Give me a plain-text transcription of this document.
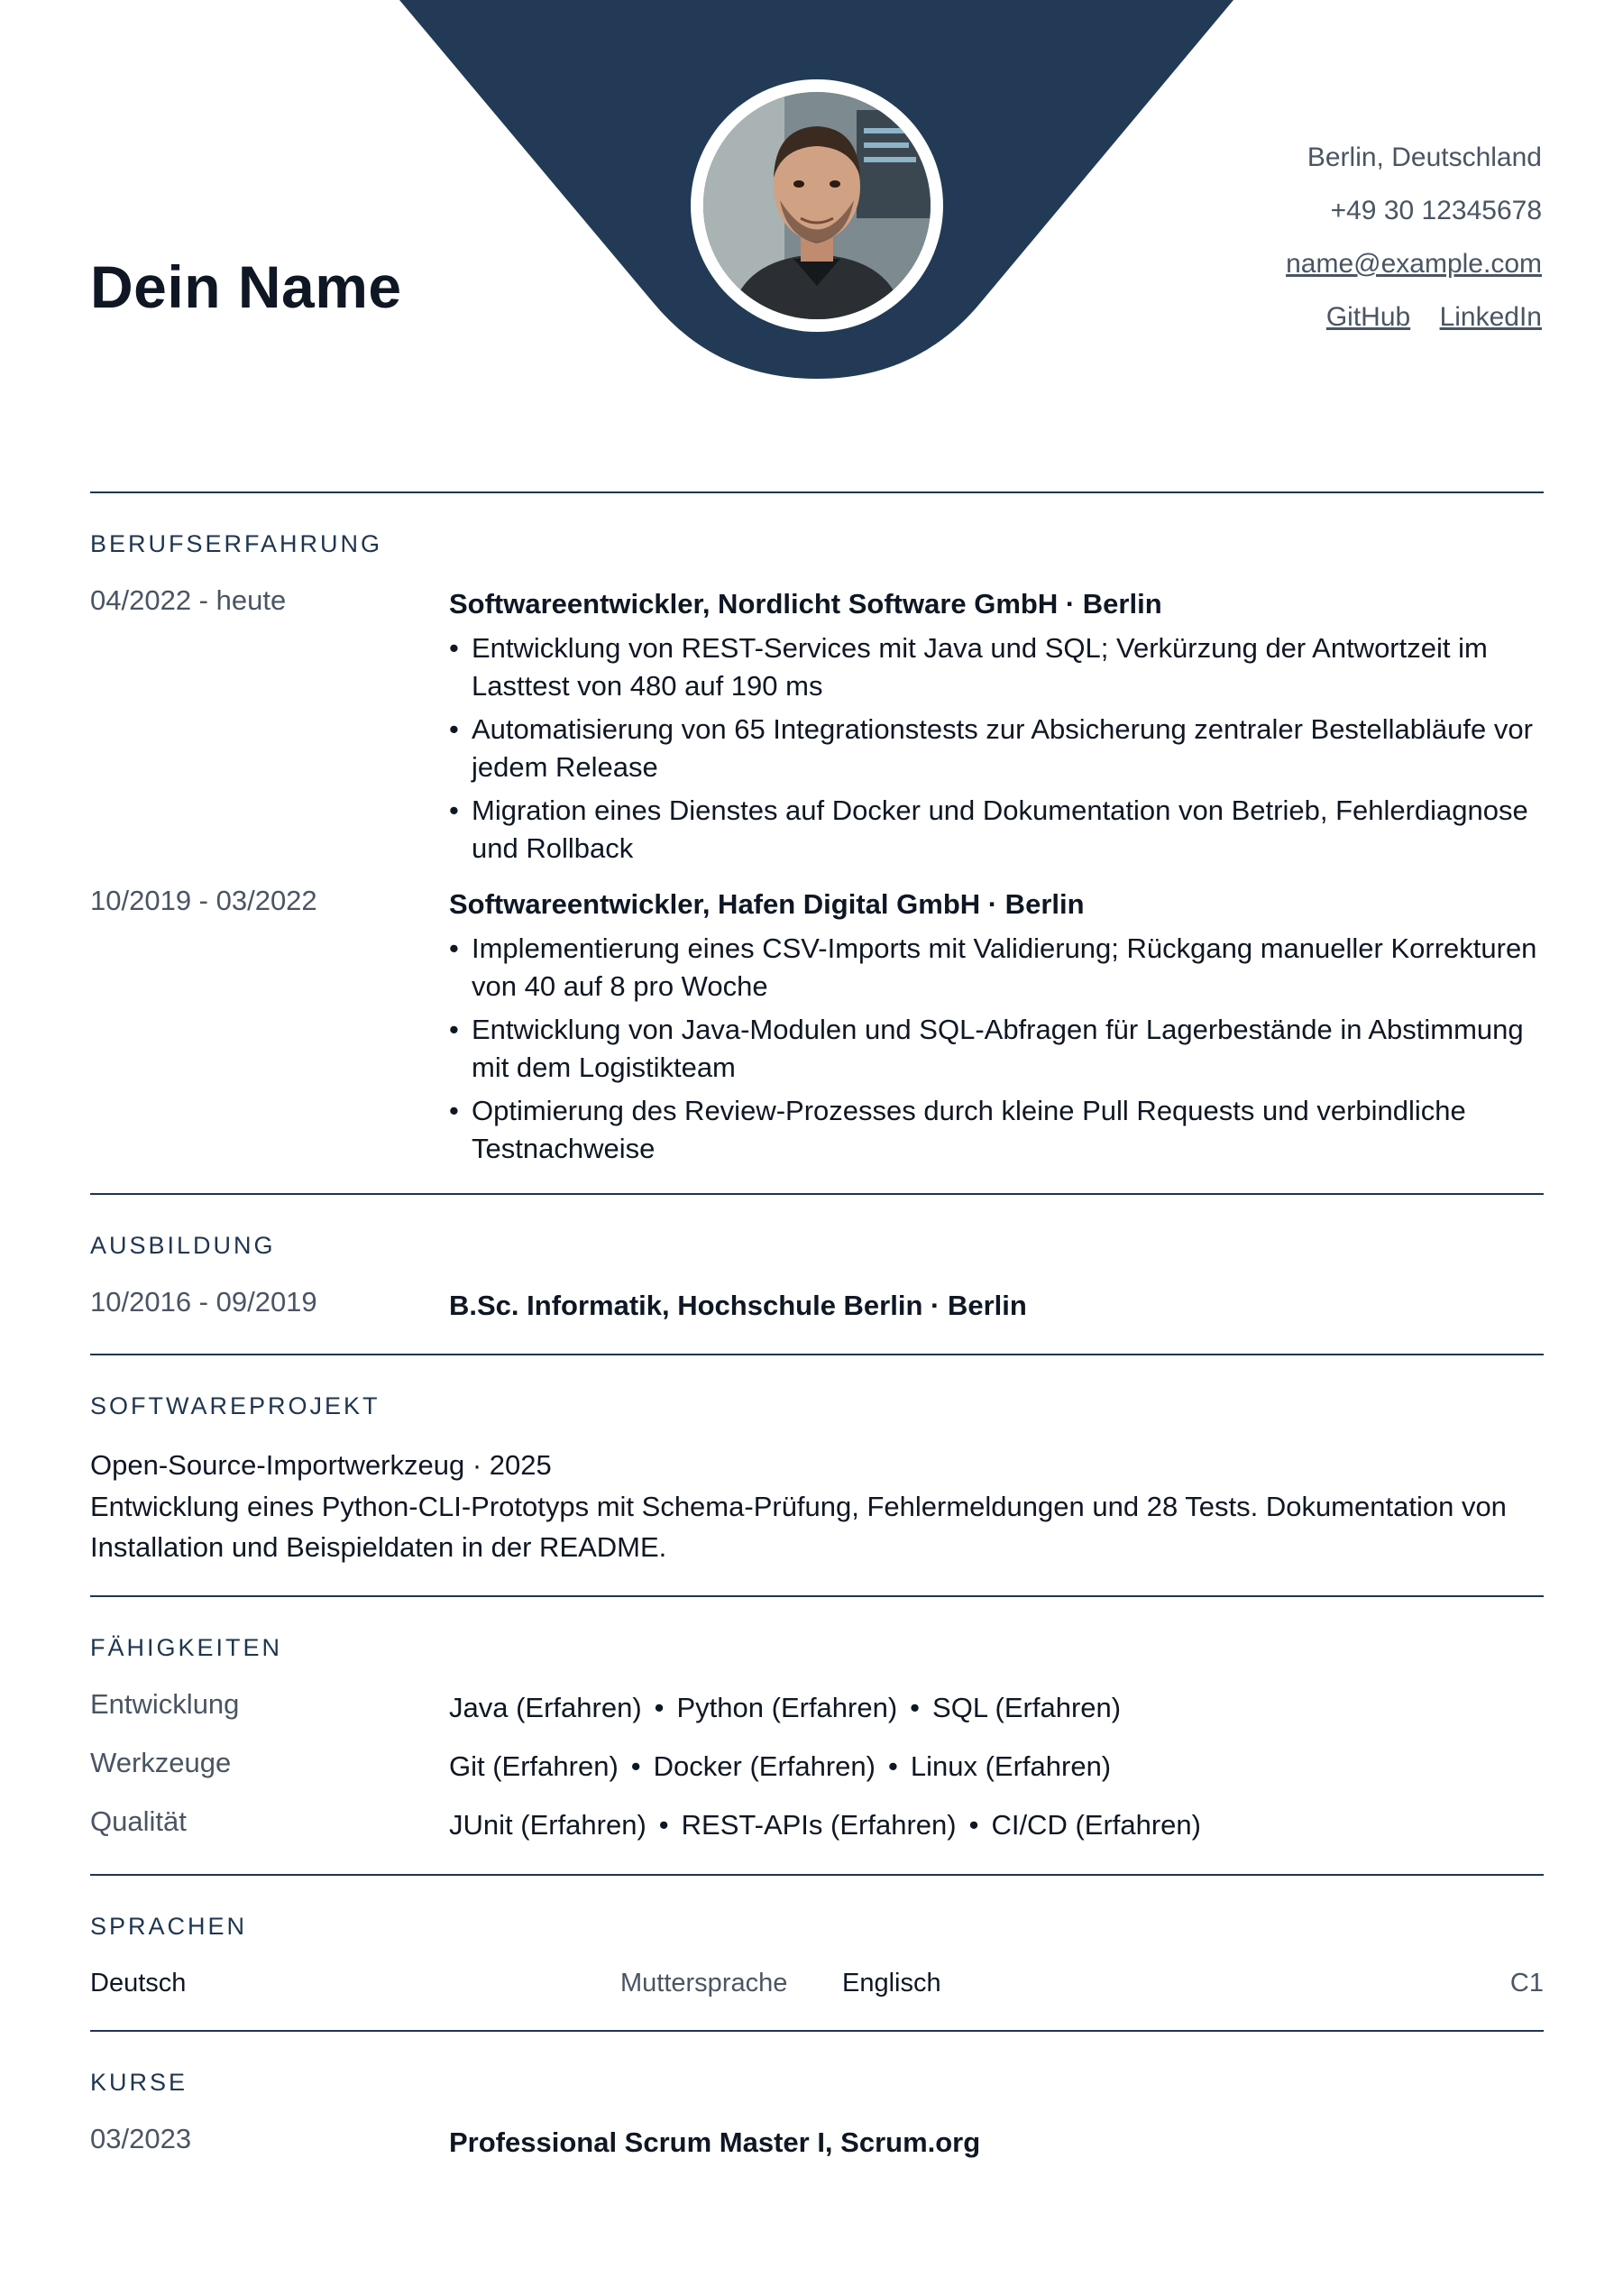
Dein Name
Berlin, Deutschland
+49 30 12345678
name@example.com
GitHub LinkedIn
BERUFSERFAHRUNG
04/2022 - heute	Softwareentwickler, Nordlicht Software GmbH · Berlin
• Entwicklung von REST-Services mit Java und SQL; Verkürzung der Antwortzeit im Lasttest von 480 auf 190 ms
• Automatisierung von 65 Integrationstests zur Absicherung zentraler Bestellabläufe vor jedem Release
• Migration eines Dienstes auf Docker und Dokumentation von Betrieb, Fehlerdiagnose und Rollback
10/2019 - 03/2022	Softwareentwickler, Hafen Digital GmbH · Berlin
• Implementierung eines CSV-Imports mit Validierung; Rückgang manueller Korrekturen von 40 auf 8 pro Woche
• Entwicklung von Java-Modulen und SQL-Abfragen für Lagerbestände in Abstimmung mit dem Logistikteam
• Optimierung des Review-Prozesses durch kleine Pull Requests und verbindliche Testnachweise
AUSBILDUNG
10/2016 - 09/2019	B.Sc. Informatik, Hochschule Berlin · Berlin
SOFTWAREPROJEKT
Open-Source-Importwerkzeug · 2025
Entwicklung eines Python-CLI-Prototyps mit Schema-Prüfung, Fehlermeldungen und 28 Tests. Dokumentation von Installation und Beispieldaten in der README.
FÄHIGKEITEN
Entwicklung	Java (Erfahren) • Python (Erfahren) • SQL (Erfahren)
Werkzeuge	Git (Erfahren) • Docker (Erfahren) • Linux (Erfahren)
Qualität	JUnit (Erfahren) • REST-APIs (Erfahren) • CI/CD (Erfahren)
SPRACHEN
Deutsch	Muttersprache Englisch	C1
KURSE
03/2023	Professional Scrum Master I, Scrum.org
